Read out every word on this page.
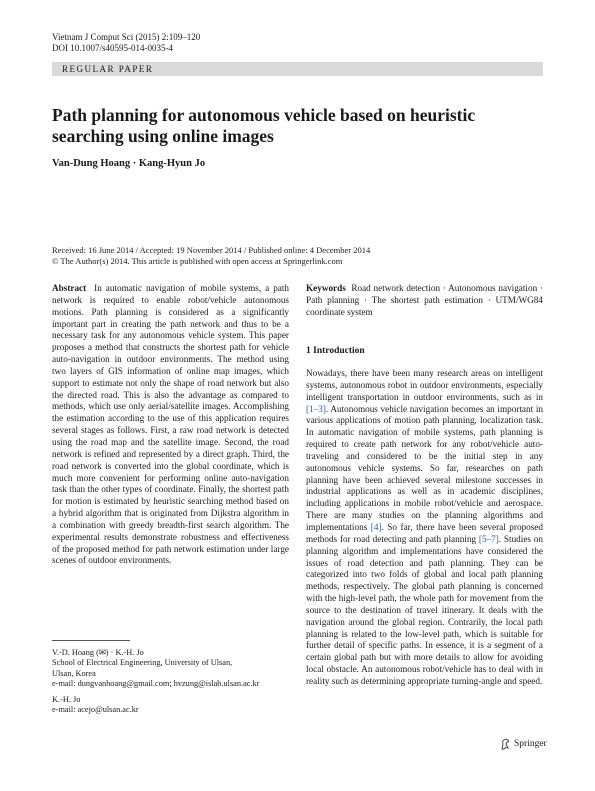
Vietnam J Comput Sci (2015) 2:109–120
DOI 10.1007/s40595-014-0035-4
REGULAR PAPER
Path planning for autonomous vehicle based on heuristic searching using online images
Van-Dung Hoang · Kang-Hyun Jo
Received: 16 June 2014 / Accepted: 19 November 2014 / Published online: 4 December 2014
© The Author(s) 2014. This article is published with open access at Springerlink.com
Abstract In automatic navigation of mobile systems, a path network is required to enable robot/vehicle autonomous motions. Path planning is considered as a significantly important part in creating the path network and thus to be a necessary task for any autonomous vehicle system. This paper proposes a method that constructs the shortest path for vehicle auto-navigation in outdoor environments. The method using two layers of GIS information of online map images, which support to estimate not only the shape of road network but also the directed road. This is also the advantage as compared to methods, which use only aerial/satellite images. Accomplishing the estimation according to the use of this application requires several stages as follows. First, a raw road network is detected using the road map and the satellite image. Second, the road network is refined and represented by a direct graph. Third, the road network is converted into the global coordinate, which is much more convenient for performing online auto-navigation task than the other types of coordinate. Finally, the shortest path for motion is estimated by heuristic searching method based on a hybrid algorithm that is originated from Dijkstra algorithm in a combination with greedy breadth-first search algorithm. The experimental results demonstrate robustness and effectiveness of the proposed method for path network estimation under large scenes of outdoor environments.
Keywords Road network detection · Autonomous navigation · Path planning · The shortest path estimation · UTM/WG84 coordinate system
1 Introduction
Nowadays, there have been many research areas on intelligent systems, autonomous robot in outdoor environments, especially intelligent transportation in outdoor environments, such as in [1–3]. Autonomous vehicle navigation becomes an important in various applications of motion path planning, localization task. In automatic navigation of mobile systems, path planning is required to create path network for any robot/vehicle auto-traveling and considered to be the initial step in any autonomous vehicle systems. So far, researches on path planning have been achieved several milestone successes in industrial applications as well as in academic disciplines, including applications in mobile robot/vehicle and aerospace. There are many studies on the planning algorithms and implementations [4]. So far, there have been several proposed methods for road detecting and path planning [5–7]. Studies on planning algorithm and implementations have considered the issues of road detection and path planning. They can be categorized into two folds of global and local path planning methods, respectively. The global path planning is concerned with the high-level path, the whole path for movement from the source to the destination of travel itinerary. It deals with the navigation around the global region. Contrarily, the local path planning is related to the low-level path, which is suitable for further detail of specific paths. In essence, it is a segment of a certain global path but with more details to allow for avoiding local obstacle. An autonomous robot/vehicle has to deal with in reality such as determining appropriate turning-angle and speed.
V.-D. Hoang (✉) · K.-H. Jo
School of Electrical Engineering, University of Ulsan,
Ulsan, Korea
e-mail: dungvanhoang@gmail.com; hvzung@islab.ulsan.ac.kr
K.-H. Jo
e-mail: acejo@ulsan.ac.kr
Springer
